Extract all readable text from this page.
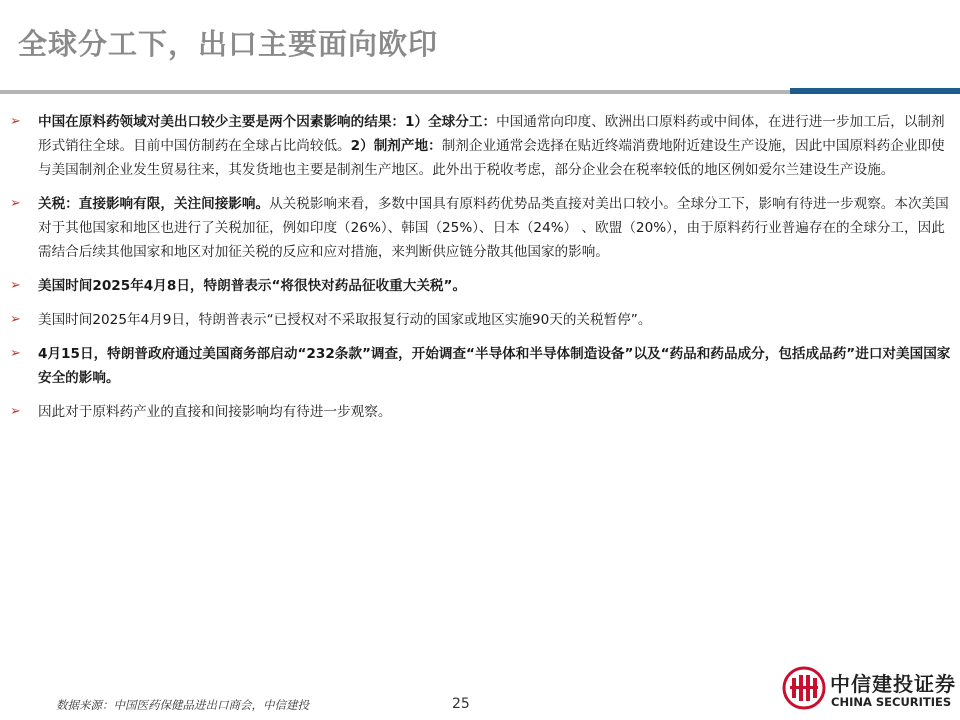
全球分工下，出口主要面向欧印
➢ 中国在原料药领域对美出口较少主要是两个因素影响的结果：1）全球分工：中国通常向印度、欧洲出口原料药或中间体，在进行进一步加工后，以制剂形式销往全球。目前中国仿制药在全球占比尚较低。2）制剂产地：制剂企业通常会选择在贴近终端消费地附近建设生产设施，因此中国原料药企业即使与美国制剂企业发生贸易往来，其发货地也主要是制剂生产地区。此外出于税收考虑，部分企业会在税率较低的地区例如爱尔兰建设生产设施。
➢ 关税：直接影响有限，关注间接影响。从关税影响来看，多数中国具有原料药优势品类直接对美出口较小。全球分工下，影响有待进一步观察。本次美国对于其他国家和地区也进行了关税加征，例如印度（26%）、韩国（25%）、日本（24%） 、欧盟（20%），由于原料药行业普遍存在的全球分工，因此需结合后续其他国家和地区对加征关税的反应和应对措施，来判断供应链分散其他国家的影响。
➢ 美国时间2025年4月8日，特朗普表示“将很快对药品征收重大关税”。
➢ 美国时间2025年4月9日，特朗普表示“已授权对不采取报复行动的国家或地区实施90天的关税暂停”。
➢ 4月15日，特朗普政府通过美国商务部启动“232条款”调查，开始调查“半导体和半导体制造设备”以及“药品和药品成分，包括成品药”进口对美国国家安全的影响。
➢ 因此对于原料药产业的直接和间接影响均有待进一步观察。
数据来源：中国医药保健品进出口商会，中信建投	25
中信建投证券
CHINA SECURITIES
